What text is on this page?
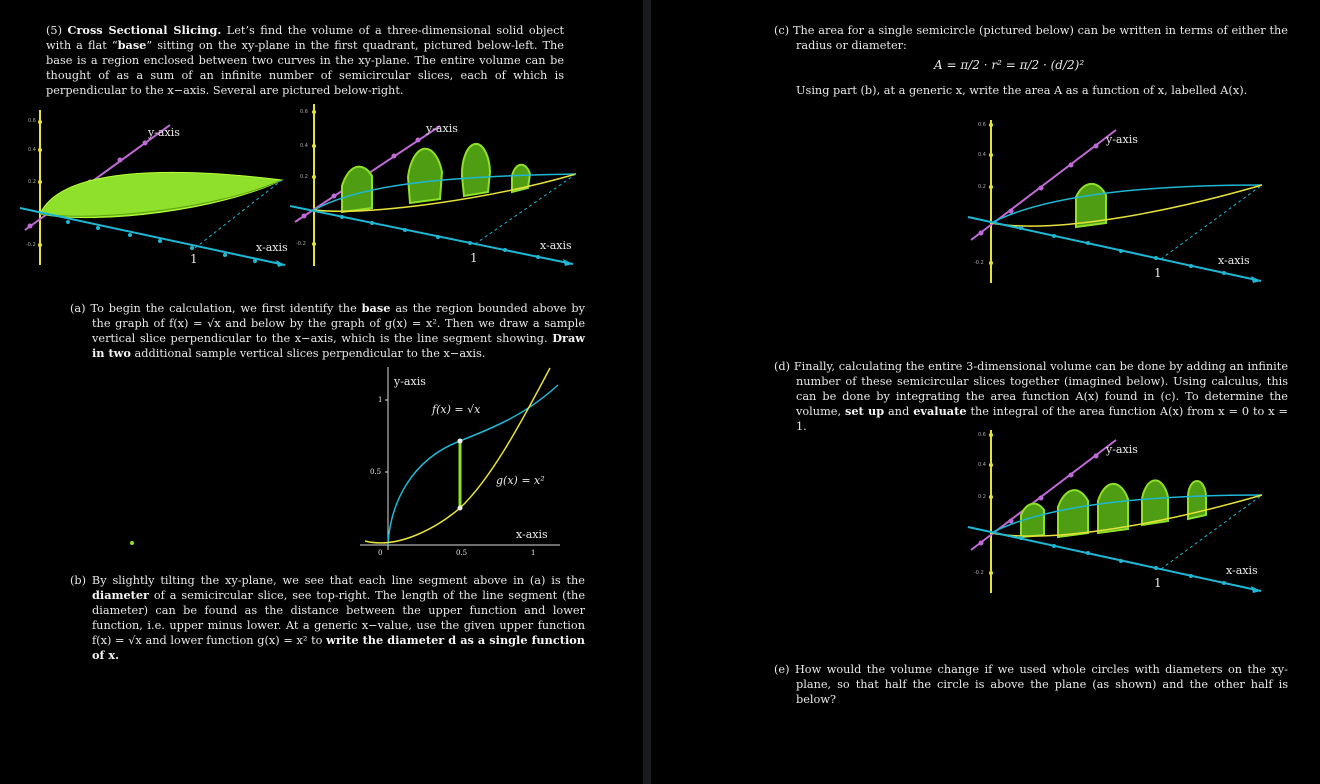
(5) Cross Sectional Slicing. Let’s find the volume of a three-dimensional solid object with a flat “base” sitting on the xy-plane in the first quadrant, pictured below-left. The base is a region enclosed between two curves in the xy-plane. The entire volume can be thought of as a sum of an infinite number of semicircular slices, each of which is perpendicular to the x−axis. Several are pictured below-right.

0.6
0.4
0.2
-0.2
y-axis
x-axis
1
0.6
0.4
0.2
-0.2
y-axis
x-axis
1

(a) To begin the calculation, we first identify the base as the region bounded above by the graph of f(x) = √x and below by the graph of g(x) = x². Then we draw a sample vertical slice perpendicular to the x−axis, which is the line segment showing. Draw in two additional sample vertical slices perpendicular to the x−axis.

1
0.5
0	0.5	1
y-axis
x-axis
f(x) = √x
g(x) = x²

(b) By slightly tilting the xy-plane, we see that each line segment above in (a) is the diameter of a semicircular slice, see top-right. The length of the line segment (the diameter) can be found as the distance between the upper function and lower function, i.e. upper minus lower. At a generic x−value, use the given upper function f(x) = √x and lower function g(x) = x² to write the diameter d as a single function of x.

(c) The area for a single semicircle (pictured below) can be written in terms of either the radius or diameter:

A = π/2 · r² = π/2 · (d/2)²
Using part (b), at a generic x, write the area A as a function of x, labelled A(x).
0.6
0.4
0.2
-0.2
y-axis
x-axis
1

(d) Finally, calculating the entire 3-dimensional volume can be done by adding an infinite number of these semicircular slices together (imagined below). Using calculus, this can be done by integrating the area function A(x) found in (c). To determine the volume, set up and evaluate the integral of the area function A(x) from x = 0 to x = 1.

0.6
0.4
0.2
-0.2
y-axis
x-axis
1

(e) How would the volume change if we used whole circles with diameters on the xy-plane, so that half the circle is above the plane (as shown) and the other half is below?
